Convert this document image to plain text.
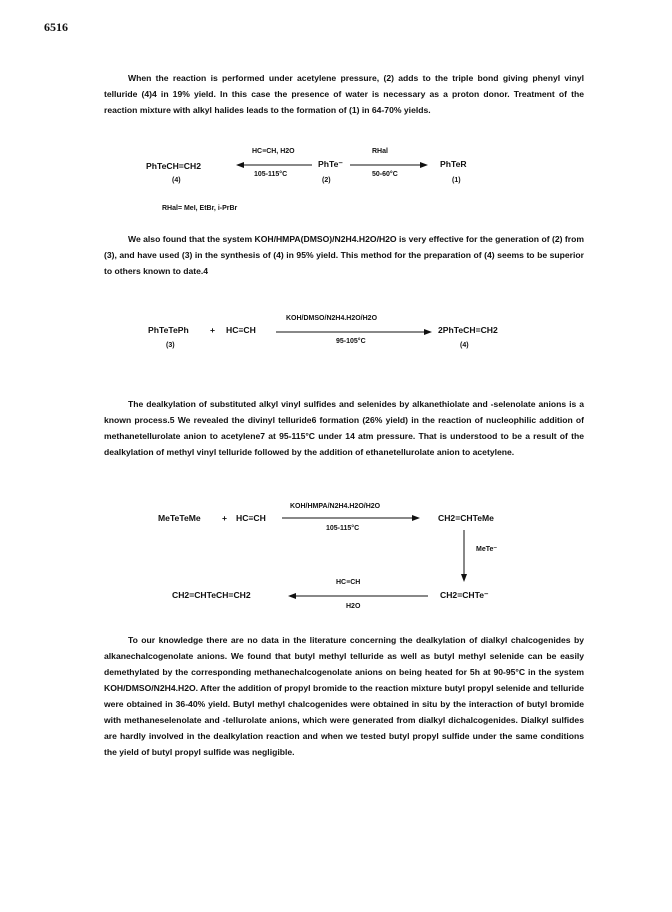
6516

When the reaction is performed under acetylene pressure, (2) adds to the triple bond giving phenyl vinyl telluride (4)4 in 19% yield. In this case the presence of water is necessary as a proton donor. Treatment of the reaction mixture with alkyl halides leads to the formation of (1) in 64-70% yields.

PhTeCH=CH2
(4)
HC≡CH, H2O
105-115°C
PhTe⁻
(2)
RHal
50-60°C
PhTeR
(1)
RHal= MeI, EtBr, i-PrBr

We also found that the system KOH/HMPA(DMSO)/N2H4.H2O/H2O is very effective for the generation of (2) from (3), and have used (3) in the synthesis of (4) in 95% yield. This method for the preparation of (4) seems to be superior to others known to date.4

PhTeTePh
(3)
+ HC≡CH
KOH/DMSO/N2H4.H2O/H2O
95-105°C
2PhTeCH=CH2
(4)

The dealkylation of substituted alkyl vinyl sulfides and selenides by alkanethiolate and -selenolate anions is a known process.5 We revealed the divinyl telluride6 formation (26% yield) in the reaction of nucleophilic addition of methanetellurolate anion to acetylene7 at 95-115°C under 14 atm pressure. That is understood to be a result of the dealkylation of methyl vinyl telluride followed by the addition of ethanetellurolate anion to acetylene.

MeTeTeMe + HC≡CH
KOH/HMPA/N2H4.H2O/H2O
105-115°C
CH2=CHTeMe
MeTe⁻
CH2=CHTe⁻
HC≡CH
H2O
CH2=CHTeCH=CH2

To our knowledge there are no data in the literature concerning the dealkylation of dialkyl chalcogenides by alkanechalcogenolate anions. We found that butyl methyl telluride as well as butyl methyl selenide can be easily demethylated by the corresponding methanechalcogenolate anions on being heated for 5h at 90-95°C in the system KOH/DMSO/N2H4.H2O. After the addition of propyl bromide to the reaction mixture butyl propyl selenide and telluride were obtained in 36-40% yield. Butyl methyl chalcogenides were obtained in situ by the interaction of butyl bromide with methaneselenolate and -tellurolate anions, which were generated from dialkyl dichalcogenides. Dialkyl sulfides are hardly involved in the dealkylation reaction and when we tested butyl propyl sulfide under the same conditions the yield of butyl propyl sulfide was negligible.
